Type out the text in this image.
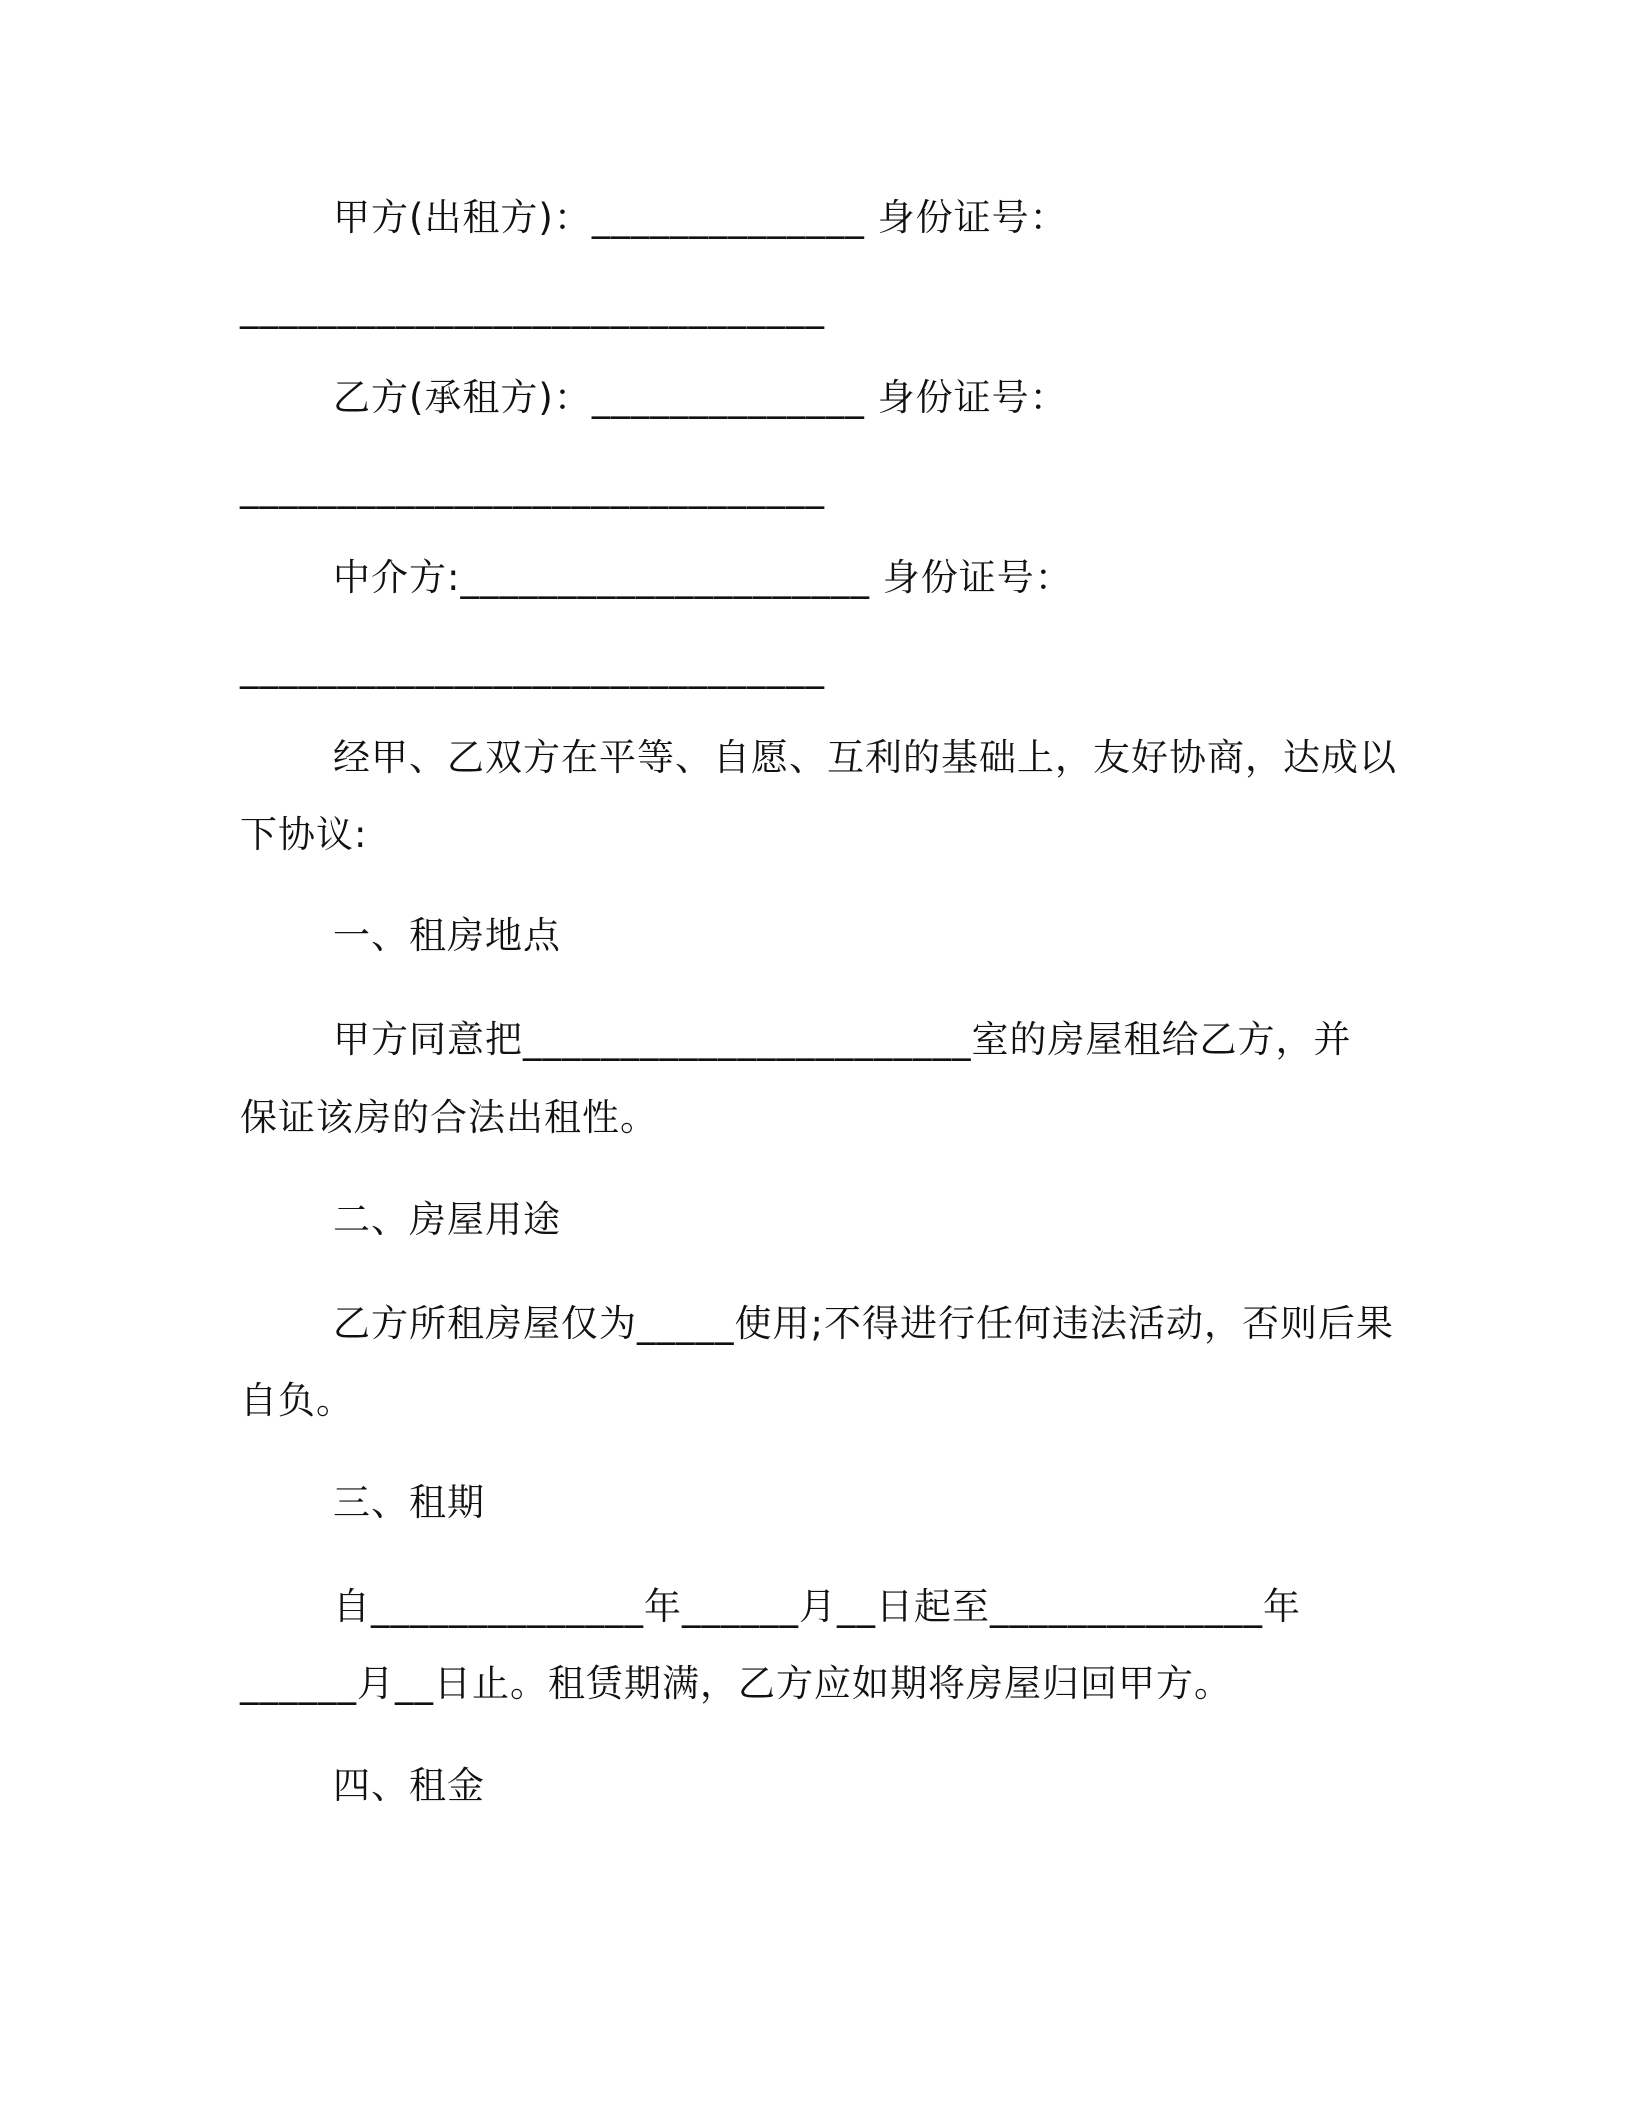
甲方(出租方)：______________ 身份证号：
______________________________
乙方(承租方)：______________ 身份证号：
______________________________
中介方:_____________________ 身份证号：
______________________________
经甲、乙双方在平等、自愿、互利的基础上，友好协商，达成以
下协议:
一、租房地点
甲方同意把_______________________室的房屋租给乙方，并
保证该房的合法出租性。
二、房屋用途
乙方所租房屋仅为_____使用;不得进行任何违法活动，否则后果
自负。
三、租期
自______________年______月__日起至______________年
______月__日止。租赁期满，乙方应如期将房屋归回甲方。
四、租金
